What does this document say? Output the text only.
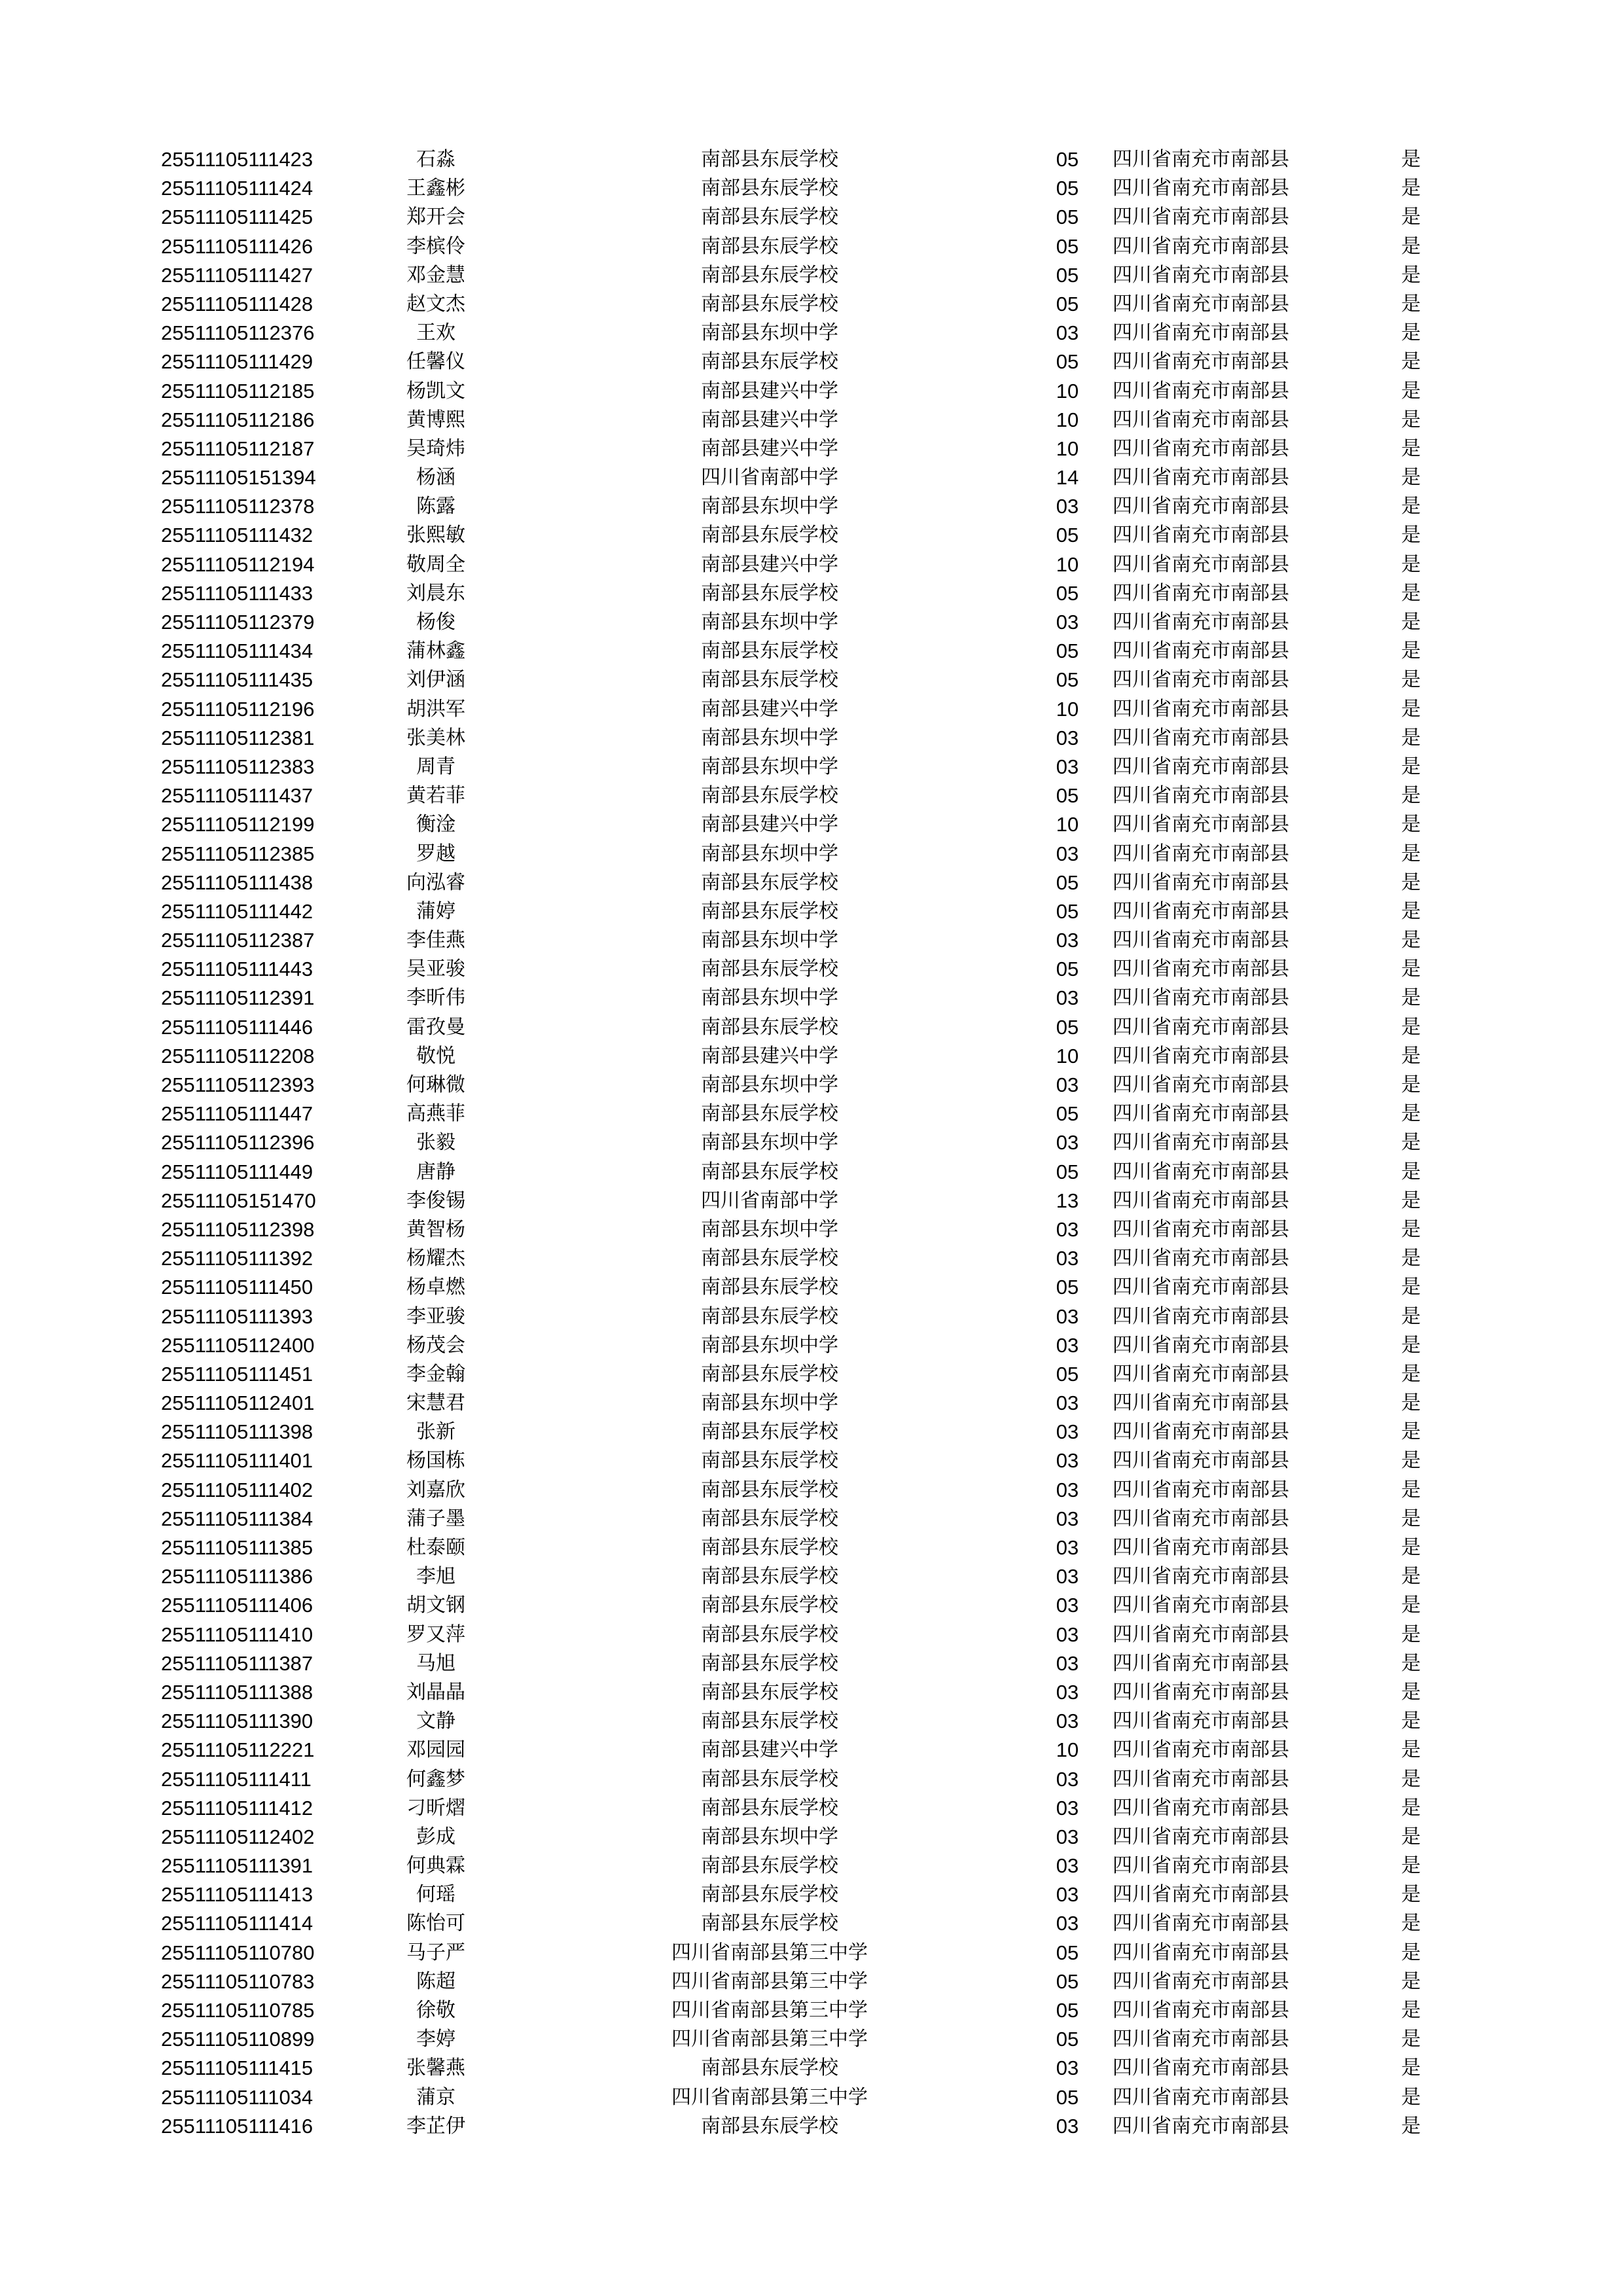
25511105111423	石淼	南部县东辰学校	05	四川省南充市南部县	是
25511105111424	王鑫彬	南部县东辰学校	05	四川省南充市南部县	是
25511105111425	郑开会	南部县东辰学校	05	四川省南充市南部县	是
25511105111426	李槟伶	南部县东辰学校	05	四川省南充市南部县	是
25511105111427	邓金慧	南部县东辰学校	05	四川省南充市南部县	是
25511105111428	赵文杰	南部县东辰学校	05	四川省南充市南部县	是
25511105112376	王欢	南部县东坝中学	03	四川省南充市南部县	是
25511105111429	任馨仪	南部县东辰学校	05	四川省南充市南部县	是
25511105112185	杨凯文	南部县建兴中学	10	四川省南充市南部县	是
25511105112186	黄博熙	南部县建兴中学	10	四川省南充市南部县	是
25511105112187	吴琦炜	南部县建兴中学	10	四川省南充市南部县	是
25511105151394	杨涵	四川省南部中学	14	四川省南充市南部县	是
25511105112378	陈露	南部县东坝中学	03	四川省南充市南部县	是
25511105111432	张熙敏	南部县东辰学校	05	四川省南充市南部县	是
25511105112194	敬周全	南部县建兴中学	10	四川省南充市南部县	是
25511105111433	刘晨东	南部县东辰学校	05	四川省南充市南部县	是
25511105112379	杨俊	南部县东坝中学	03	四川省南充市南部县	是
25511105111434	蒲林鑫	南部县东辰学校	05	四川省南充市南部县	是
25511105111435	刘伊涵	南部县东辰学校	05	四川省南充市南部县	是
25511105112196	胡洪军	南部县建兴中学	10	四川省南充市南部县	是
25511105112381	张美林	南部县东坝中学	03	四川省南充市南部县	是
25511105112383	周青	南部县东坝中学	03	四川省南充市南部县	是
25511105111437	黄若菲	南部县东辰学校	05	四川省南充市南部县	是
25511105112199	衡淦	南部县建兴中学	10	四川省南充市南部县	是
25511105112385	罗越	南部县东坝中学	03	四川省南充市南部县	是
25511105111438	向泓睿	南部县东辰学校	05	四川省南充市南部县	是
25511105111442	蒲婷	南部县东辰学校	05	四川省南充市南部县	是
25511105112387	李佳燕	南部县东坝中学	03	四川省南充市南部县	是
25511105111443	吴亚骏	南部县东辰学校	05	四川省南充市南部县	是
25511105112391	李昕伟	南部县东坝中学	03	四川省南充市南部县	是
25511105111446	雷孜曼	南部县东辰学校	05	四川省南充市南部县	是
25511105112208	敬悦	南部县建兴中学	10	四川省南充市南部县	是
25511105112393	何琳微	南部县东坝中学	03	四川省南充市南部县	是
25511105111447	高燕菲	南部县东辰学校	05	四川省南充市南部县	是
25511105112396	张毅	南部县东坝中学	03	四川省南充市南部县	是
25511105111449	唐静	南部县东辰学校	05	四川省南充市南部县	是
25511105151470	李俊锡	四川省南部中学	13	四川省南充市南部县	是
25511105112398	黄智杨	南部县东坝中学	03	四川省南充市南部县	是
25511105111392	杨耀杰	南部县东辰学校	03	四川省南充市南部县	是
25511105111450	杨卓燃	南部县东辰学校	05	四川省南充市南部县	是
25511105111393	李亚骏	南部县东辰学校	03	四川省南充市南部县	是
25511105112400	杨茂会	南部县东坝中学	03	四川省南充市南部县	是
25511105111451	李金翰	南部县东辰学校	05	四川省南充市南部县	是
25511105112401	宋慧君	南部县东坝中学	03	四川省南充市南部县	是
25511105111398	张新	南部县东辰学校	03	四川省南充市南部县	是
25511105111401	杨国栋	南部县东辰学校	03	四川省南充市南部县	是
25511105111402	刘嘉欣	南部县东辰学校	03	四川省南充市南部县	是
25511105111384	蒲子墨	南部县东辰学校	03	四川省南充市南部县	是
25511105111385	杜泰颐	南部县东辰学校	03	四川省南充市南部县	是
25511105111386	李旭	南部县东辰学校	03	四川省南充市南部县	是
25511105111406	胡文钢	南部县东辰学校	03	四川省南充市南部县	是
25511105111410	罗又萍	南部县东辰学校	03	四川省南充市南部县	是
25511105111387	马旭	南部县东辰学校	03	四川省南充市南部县	是
25511105111388	刘晶晶	南部县东辰学校	03	四川省南充市南部县	是
25511105111390	文静	南部县东辰学校	03	四川省南充市南部县	是
25511105112221	邓园园	南部县建兴中学	10	四川省南充市南部县	是
25511105111411	何鑫梦	南部县东辰学校	03	四川省南充市南部县	是
25511105111412	刁昕熠	南部县东辰学校	03	四川省南充市南部县	是
25511105112402	彭成	南部县东坝中学	03	四川省南充市南部县	是
25511105111391	何典霖	南部县东辰学校	03	四川省南充市南部县	是
25511105111413	何瑶	南部县东辰学校	03	四川省南充市南部县	是
25511105111414	陈怡可	南部县东辰学校	03	四川省南充市南部县	是
25511105110780	马子严	四川省南部县第三中学	05	四川省南充市南部县	是
25511105110783	陈超	四川省南部县第三中学	05	四川省南充市南部县	是
25511105110785	徐敬	四川省南部县第三中学	05	四川省南充市南部县	是
25511105110899	李婷	四川省南部县第三中学	05	四川省南充市南部县	是
25511105111415	张馨燕	南部县东辰学校	03	四川省南充市南部县	是
25511105111034	蒲京	四川省南部县第三中学	05	四川省南充市南部县	是
25511105111416	李芷伊	南部县东辰学校	03	四川省南充市南部县	是
